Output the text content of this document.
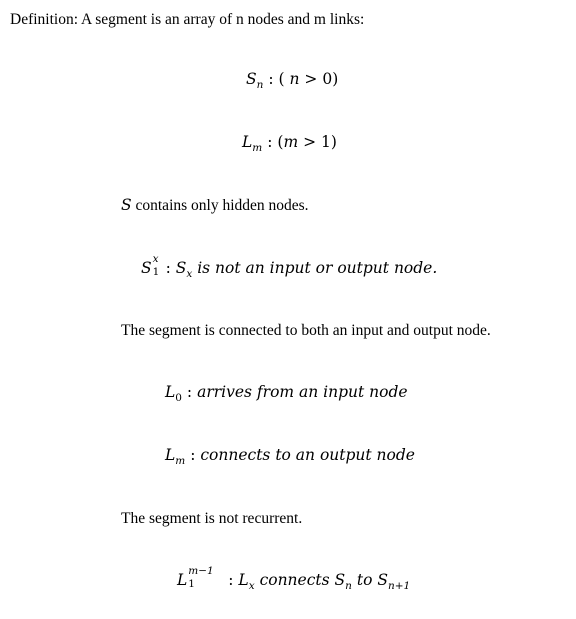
Definition: A segment is an array of n nodes and m links:
$S_n$ : ( n > 0)
$L_m$ : (m > 1)
S contains only hidden nodes.
S x
1 : $S_x$ is not an input or output node.
The segment is connected to both an input and output node.
$L_0$ : arrives from an input node
$L_m$ : connects to an output node
The segment is not recurrent.
L m−1
1 : $L_x$ connects $S_n$ to $S_{n+1}$
